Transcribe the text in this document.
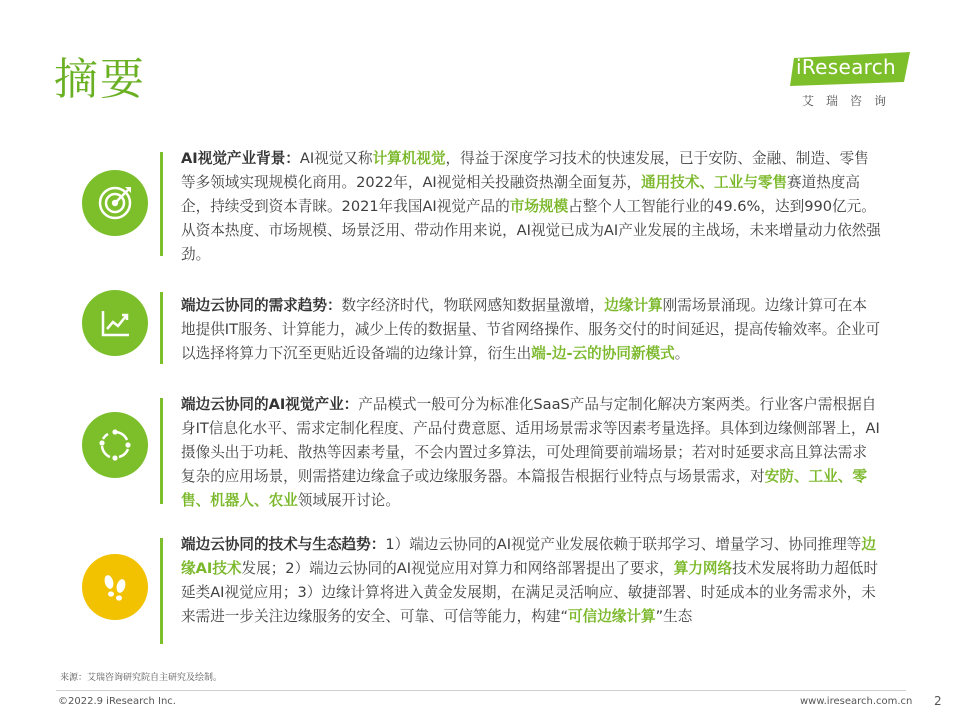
摘要	iResearch
艾瑞咨询
AI视觉产业背景：AI视觉又称计算机视觉，得益于深度学习技术的快速发展，已于安防、金融、制造、零售等多领域实现规模化商用。2022年，AI视觉相关投融资热潮全面复苏，通用技术、工业与零售赛道热度高企，持续受到资本青睐。2021年我国AI视觉产品的市场规模占整个人工智能行业的49.6%，达到990亿元。从资本热度、市场规模、场景泛用、带动作用来说，AI视觉已成为AI产业发展的主战场，未来增量动力依然强劲。
端边云协同的需求趋势：数字经济时代，物联网感知数据量激增，边缘计算刚需场景涌现。边缘计算可在本地提供IT服务、计算能力，减少上传的数据量、节省网络操作、服务交付的时间延迟，提高传输效率。企业可以选择将算力下沉至更贴近设备端的边缘计算，衍生出端-边-云的协同新模式。
端边云协同的AI视觉产业：产品模式一般可分为标准化SaaS产品与定制化解决方案两类。行业客户需根据自身IT信息化水平、需求定制化程度、产品付费意愿、适用场景需求等因素考量选择。具体到边缘侧部署上，AI摄像头出于功耗、散热等因素考量，不会内置过多算法，可处理简要前端场景；若对时延要求高且算法需求复杂的应用场景，则需搭建边缘盒子或边缘服务器。本篇报告根据行业特点与场景需求，对安防、工业、零售、机器人、农业领域展开讨论。
端边云协同的技术与生态趋势：1）端边云协同的AI视觉产业发展依赖于联邦学习、增量学习、协同推理等边缘AI技术发展；2）端边云协同的AI视觉应用对算力和网络部署提出了要求，算力网络技术发展将助力超低时延类AI视觉应用；3）边缘计算将进入黄金发展期，在满足灵活响应、敏捷部署、时延成本的业务需求外，未来需进一步关注边缘服务的安全、可靠、可信等能力，构建“可信边缘计算”生态
来源：艾瑞咨询研究院自主研究及绘制。
©2022.9 iResearch Inc.	www.iresearch.com.cn 2
